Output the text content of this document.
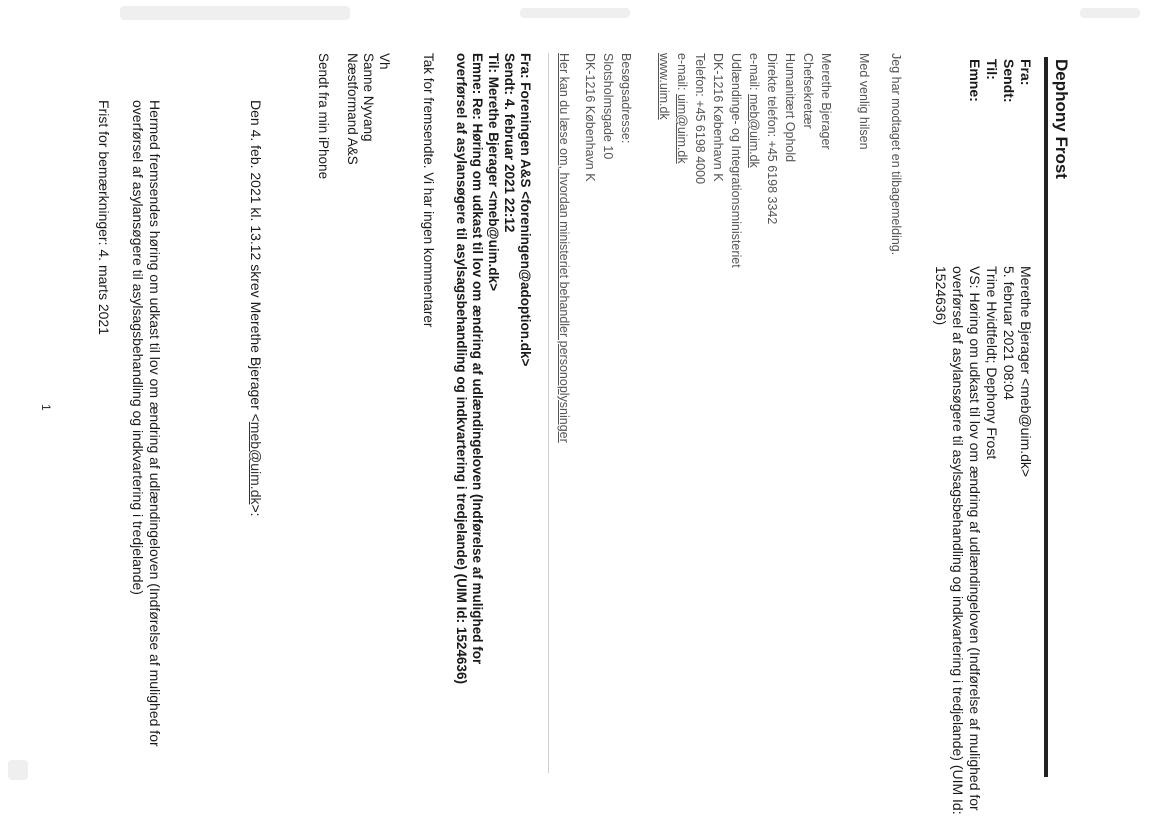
Dephony Frost
Fra:
Sendt:
Til:
Emne:
Merethe Bjerager <meb@uim.dk>
5. februar 2021 08:04
Trine Hvidtfeldt; Dephony Frost
VS: Høring om udkast til lov om ændring af udlændingeloven (Indførelse af mulighed for overførsel af asylansøgere til asylsagsbehandling og indkvartering i tredjelande) (UIM Id: 1524636)
Jeg har modtaget en tilbagemelding.
Med venlig hilsen
Merethe Bjerager
Chefsekretær
Humanitært Ophold
Direkte telefon: +45 6198 3342
e-mail: meb@uim.dk
Udlændinge- og Integrationsministeriet
DK-1216 København K
Telefon: +45 6198 4000
e-mail: uim@uim.dk
www.uim.dk
Besøgsadresse:
Slotsholmsgade 10
DK-1216 København K
Her kan du læse om, hvordan ministeriet behandler personoplysninger
Fra: Foreningen A&S <foreningen@adoption.dk>
Sendt: 4. februar 2021 22:12
Til: Merethe Bjerager <meb@uim.dk>
Emne: Re: Høring om udkast til lov om ændring af udlændingeloven (Indførelse af mulighed for overførsel af asylansøgere til asylsagsbehandling og indkvartering i tredjelande) (UIM Id: 1524636)
Tak for fremsendte. Vi har ingen kommentarer
Vh
Sanne Nyvang
Næstformand A&S
Sendt fra min iPhone
Den 4. feb. 2021 kl. 13.12 skrev Merethe Bjerager <meb@uim.dk>:
Hermed fremsendes høring om udkast til lov om ændring af udlændingeloven (Indførelse af mulighed for overførsel af asylansøgere til asylsagsbehandling og indkvartering i tredjelande)
Frist for bemærkninger: 4. marts 2021
1
